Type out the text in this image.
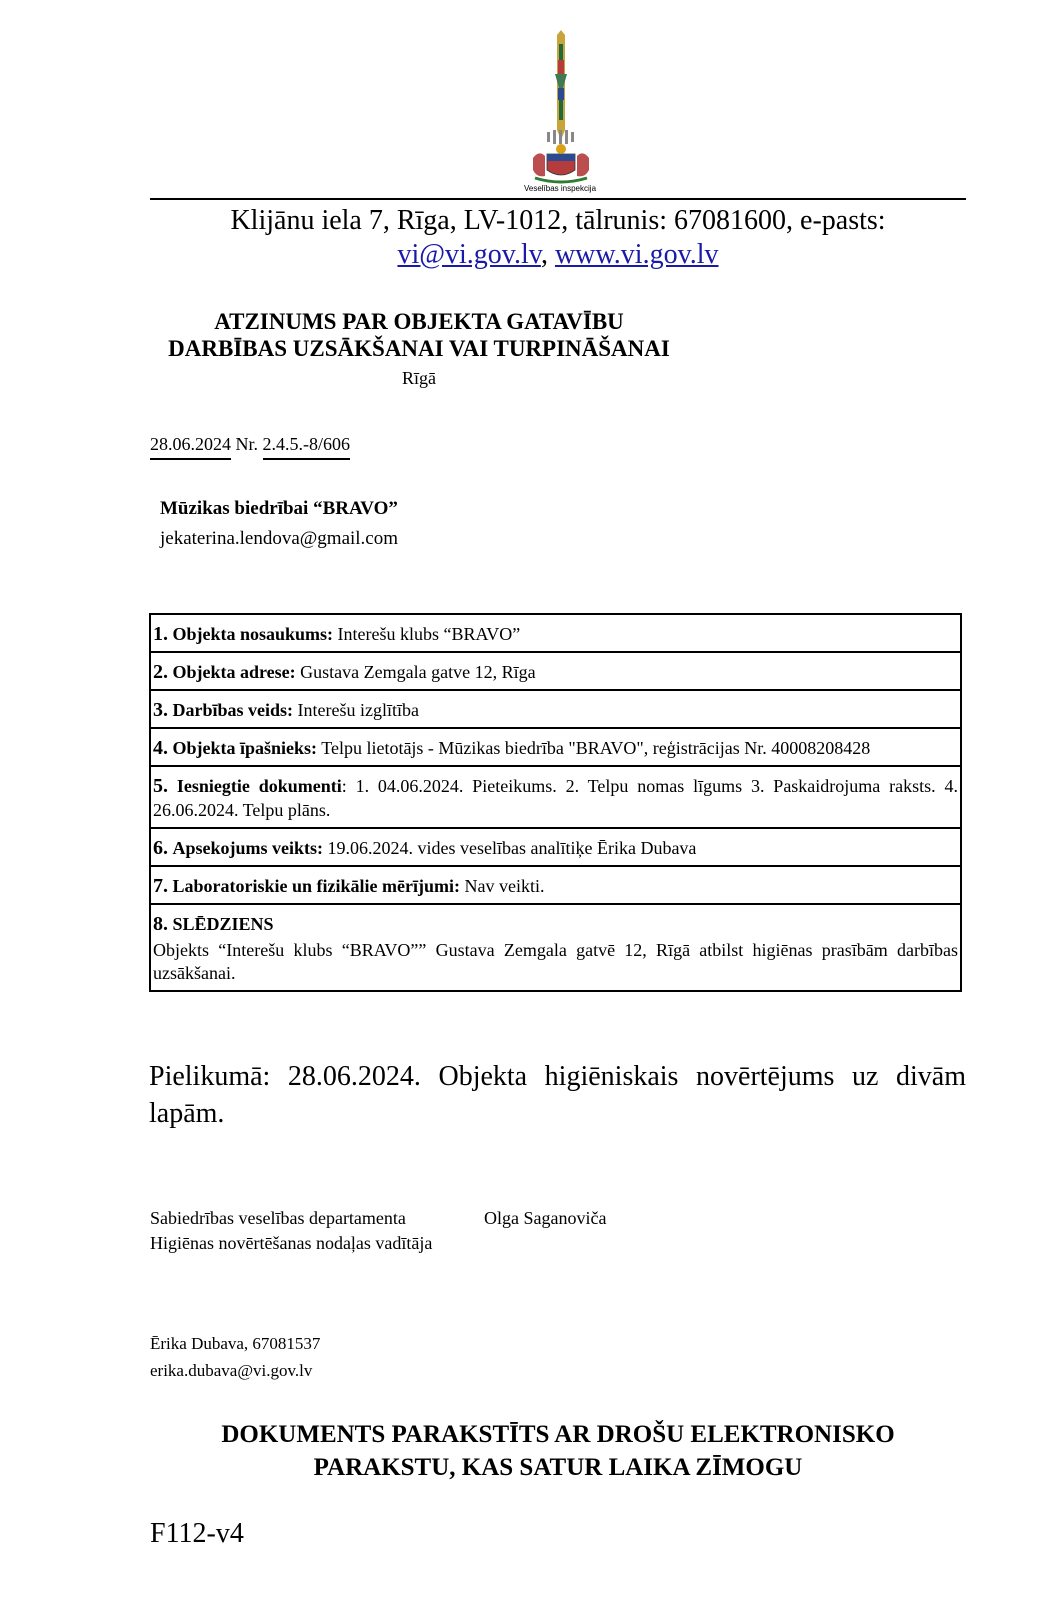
Veselības inspekcija
Klijānu iela 7, Rīga, LV-1012, tālrunis: 67081600, e-pasts:
vi@vi.gov.lv, www.vi.gov.lv
ATZINUMS PAR OBJEKTA GATAVĪBU
DARBĪBAS UZSĀKŠANAI VAI TURPINĀŠANAI
Rīgā
28.06.2024 Nr. 2.4.5.-8/606
Mūzikas biedrībai “BRAVO”
jekaterina.lendova@gmail.com
1. Objekta nosaukums: Interešu klubs “BRAVO”
2. Objekta adrese: Gustava Zemgala gatve 12, Rīga
3. Darbības veids: Interešu izglītība
4. Objekta īpašnieks: Telpu lietotājs - Mūzikas biedrība "BRAVO", reģistrācijas Nr. 40008208428
5. Iesniegtie dokumenti: 1. 04.06.2024. Pieteikums. 2. Telpu nomas līgums 3. Paskaidrojuma raksts. 4. 26.06.2024. Telpu plāns.
6. Apsekojums veikts: 19.06.2024. vides veselības analītiķe Ērika Dubava
7. Laboratoriskie un fizikālie mērījumi: Nav veikti.

8. SLĒDZIENS
Objekts “Interešu klubs “BRAVO”” Gustava Zemgala gatvē 12, Rīgā atbilst higiēnas prasībām darbības uzsākšanai.
Pielikumā: 28.06.2024. Objekta higiēniskais novērtējums uz divām lapām.
Sabiedrības veselības departamenta
Higiēnas novērtēšanas nodaļas vadītāja
Olga Saganoviča
Ērika Dubava, 67081537
erika.dubava@vi.gov.lv
DOKUMENTS PARAKSTĪTS AR DROŠU ELEKTRONISKO
PARAKSTU, KAS SATUR LAIKA ZĪMOGU
F112-v4
